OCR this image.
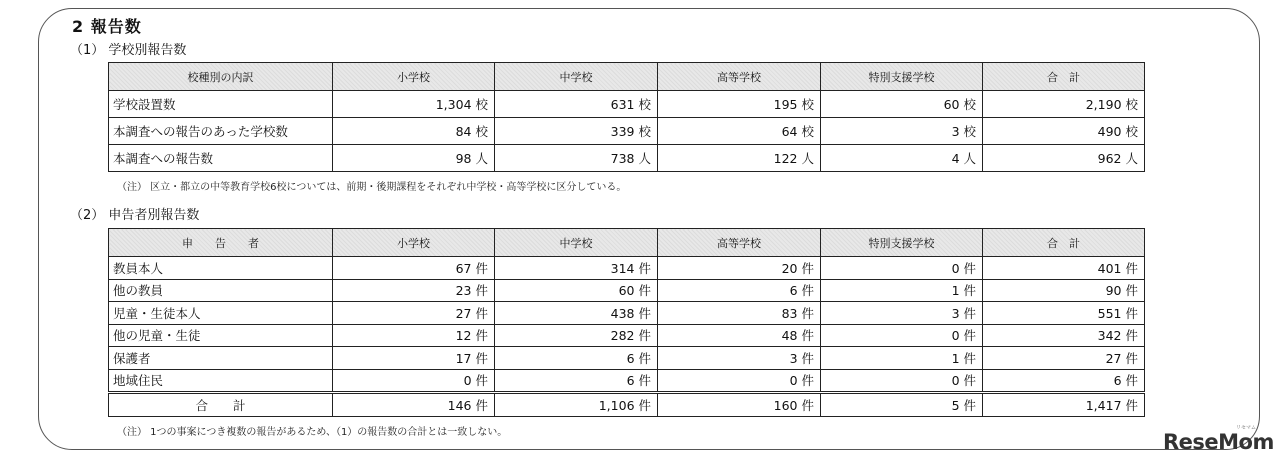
2 報告数
（1） 学校別報告数
校種別の内訳	小学校	中学校	高等学校	特別支援学校	合　計
学校設置数	1,304 校	631 校	195 校	60 校	2,190 校
本調査への報告のあった学校数	84 校	339 校	64 校	3 校	490 校
本調査への報告数	98 人	738 人	122 人	4 人	962 人
（注） 区立・都立の中等教育学校6校については、前期・後期課程をそれぞれ中学校・高等学校に区分している。
（2） 申告者別報告数
申　　告　　者	小学校	中学校	高等学校	特別支援学校	合　計
教員本人	67 件	314 件	20 件	0 件	401 件
他の教員	23 件	60 件	6 件	1 件	90 件
児童・生徒本人	27 件	438 件	83 件	3 件	551 件
他の児童・生徒	12 件	282 件	48 件	0 件	342 件
保護者	17 件	6 件	3 件	1 件	27 件
地域住民	0 件	6 件	0 件	0 件	6 件
合　　計	146 件	1,106 件	160 件	5 件	1,417 件
（注） 1つの事案につき複数の報告があるため、（1）の報告数の合計とは一致しない。	ReseMom
リセマム
